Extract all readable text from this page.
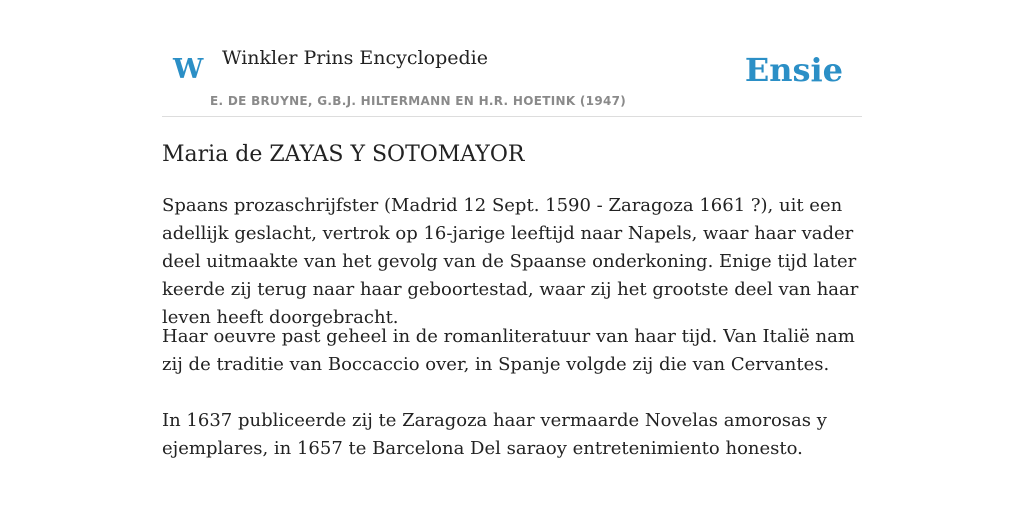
W Winkler Prins Encyclopedie
E. DE BRUYNE, G.B.J. HILTERMANN EN H.R. HOETINK (1947)
Ensie
Maria de ZAYAS Y SOTOMAYOR

Spaans prozaschrijfster (Madrid 12 Sept. 1590 - Zaragoza 1661 ?), uit een adellijk geslacht, vertrok op 16-jarige leeftijd naar Napels, waar haar vader deel uitmaakte van het gevolg van de Spaanse onderkoning. Enige tijd later keerde zij terug naar haar geboortestad, waar zij het grootste deel van haar leven heeft doorgebracht.

Haar oeuvre past geheel in de romanliteratuur van haar tijd. Van Italië nam zij de traditie van Boccaccio over, in Spanje volgde zij die van Cervantes.

In 1637 publiceerde zij te Zaragoza haar vermaarde Novelas amorosas y ejemplares, in 1657 te Barcelona Del saraoy entretenimiento honesto.
